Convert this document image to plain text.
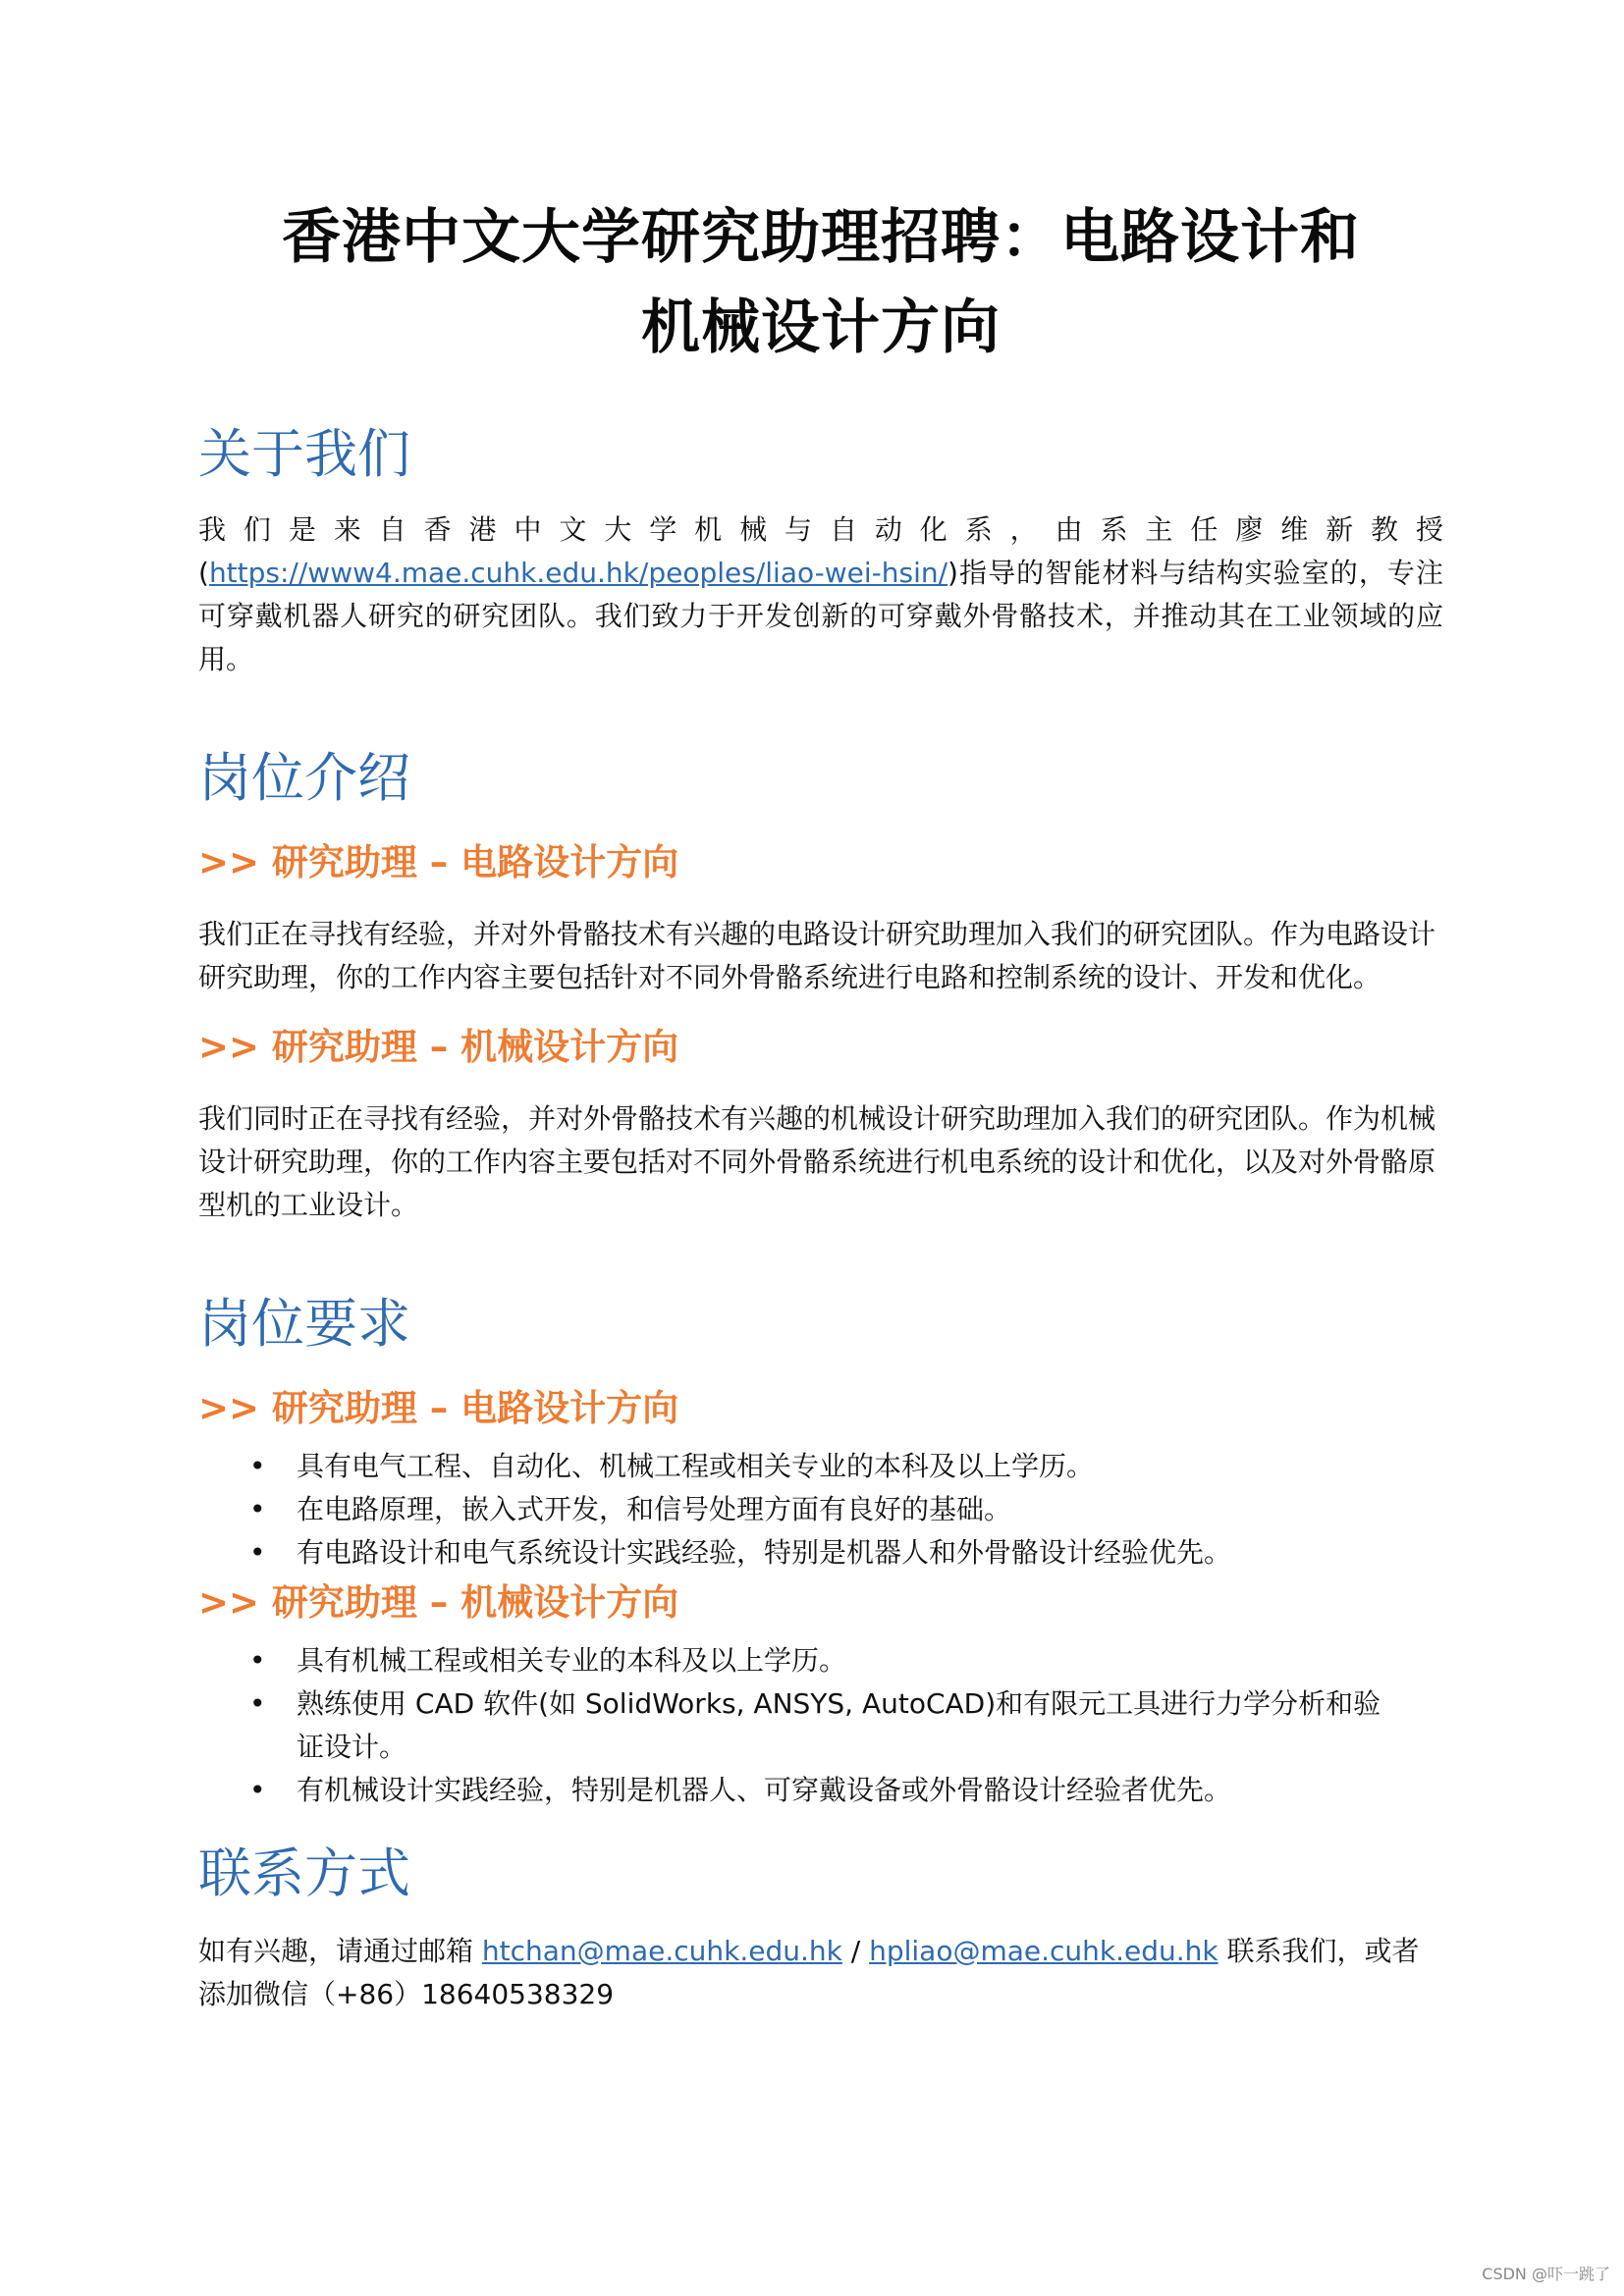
香港中文大学研究助理招聘：电路设计和
机械设计方向
关于我们

我们是来自香港中文大学机械与自动化系，由系主任廖维新教授(https://www4.mae.cuhk.edu.hk/peoples/liao-wei-hsin/)指导的智能材料与结构实验室的，专注可穿戴机器人研究的研究团队。我们致力于开发创新的可穿戴外骨骼技术，并推动其在工业领域的应用。

岗位介绍
>> 研究助理 – 电路设计方向

我们正在寻找有经验，并对外骨骼技术有兴趣的电路设计研究助理加入我们的研究团队。作为电路设计研究助理，你的工作内容主要包括针对不同外骨骼系统进行电路和控制系统的设计、开发和优化。

>> 研究助理 – 机械设计方向

我们同时正在寻找有经验，并对外骨骼技术有兴趣的机械设计研究助理加入我们的研究团队。作为机械设计研究助理，你的工作内容主要包括对不同外骨骼系统进行机电系统的设计和优化，以及对外骨骼原型机的工业设计。

岗位要求
>> 研究助理 – 电路设计方向
• 具有电气工程、自动化、机械工程或相关专业的本科及以上学历。
• 在电路原理，嵌入式开发，和信号处理方面有良好的基础。
• 有电路设计和电气系统设计实践经验，特别是机器人和外骨骼设计经验优先。
>> 研究助理 – 机械设计方向
• 具有机械工程或相关专业的本科及以上学历。
• 熟练使用 CAD 软件(如 SolidWorks, ANSYS, AutoCAD)和有限元工具进行力学分析和验证设计。
• 有机械设计实践经验，特别是机器人、可穿戴设备或外骨骼设计经验者优先。
联系方式

如有兴趣，请通过邮箱 htchan@mae.cuhk.edu.hk / hpliao@mae.cuhk.edu.hk 联系我们，或者添加微信（+86）18640538329

CSDN @吓一跳了
